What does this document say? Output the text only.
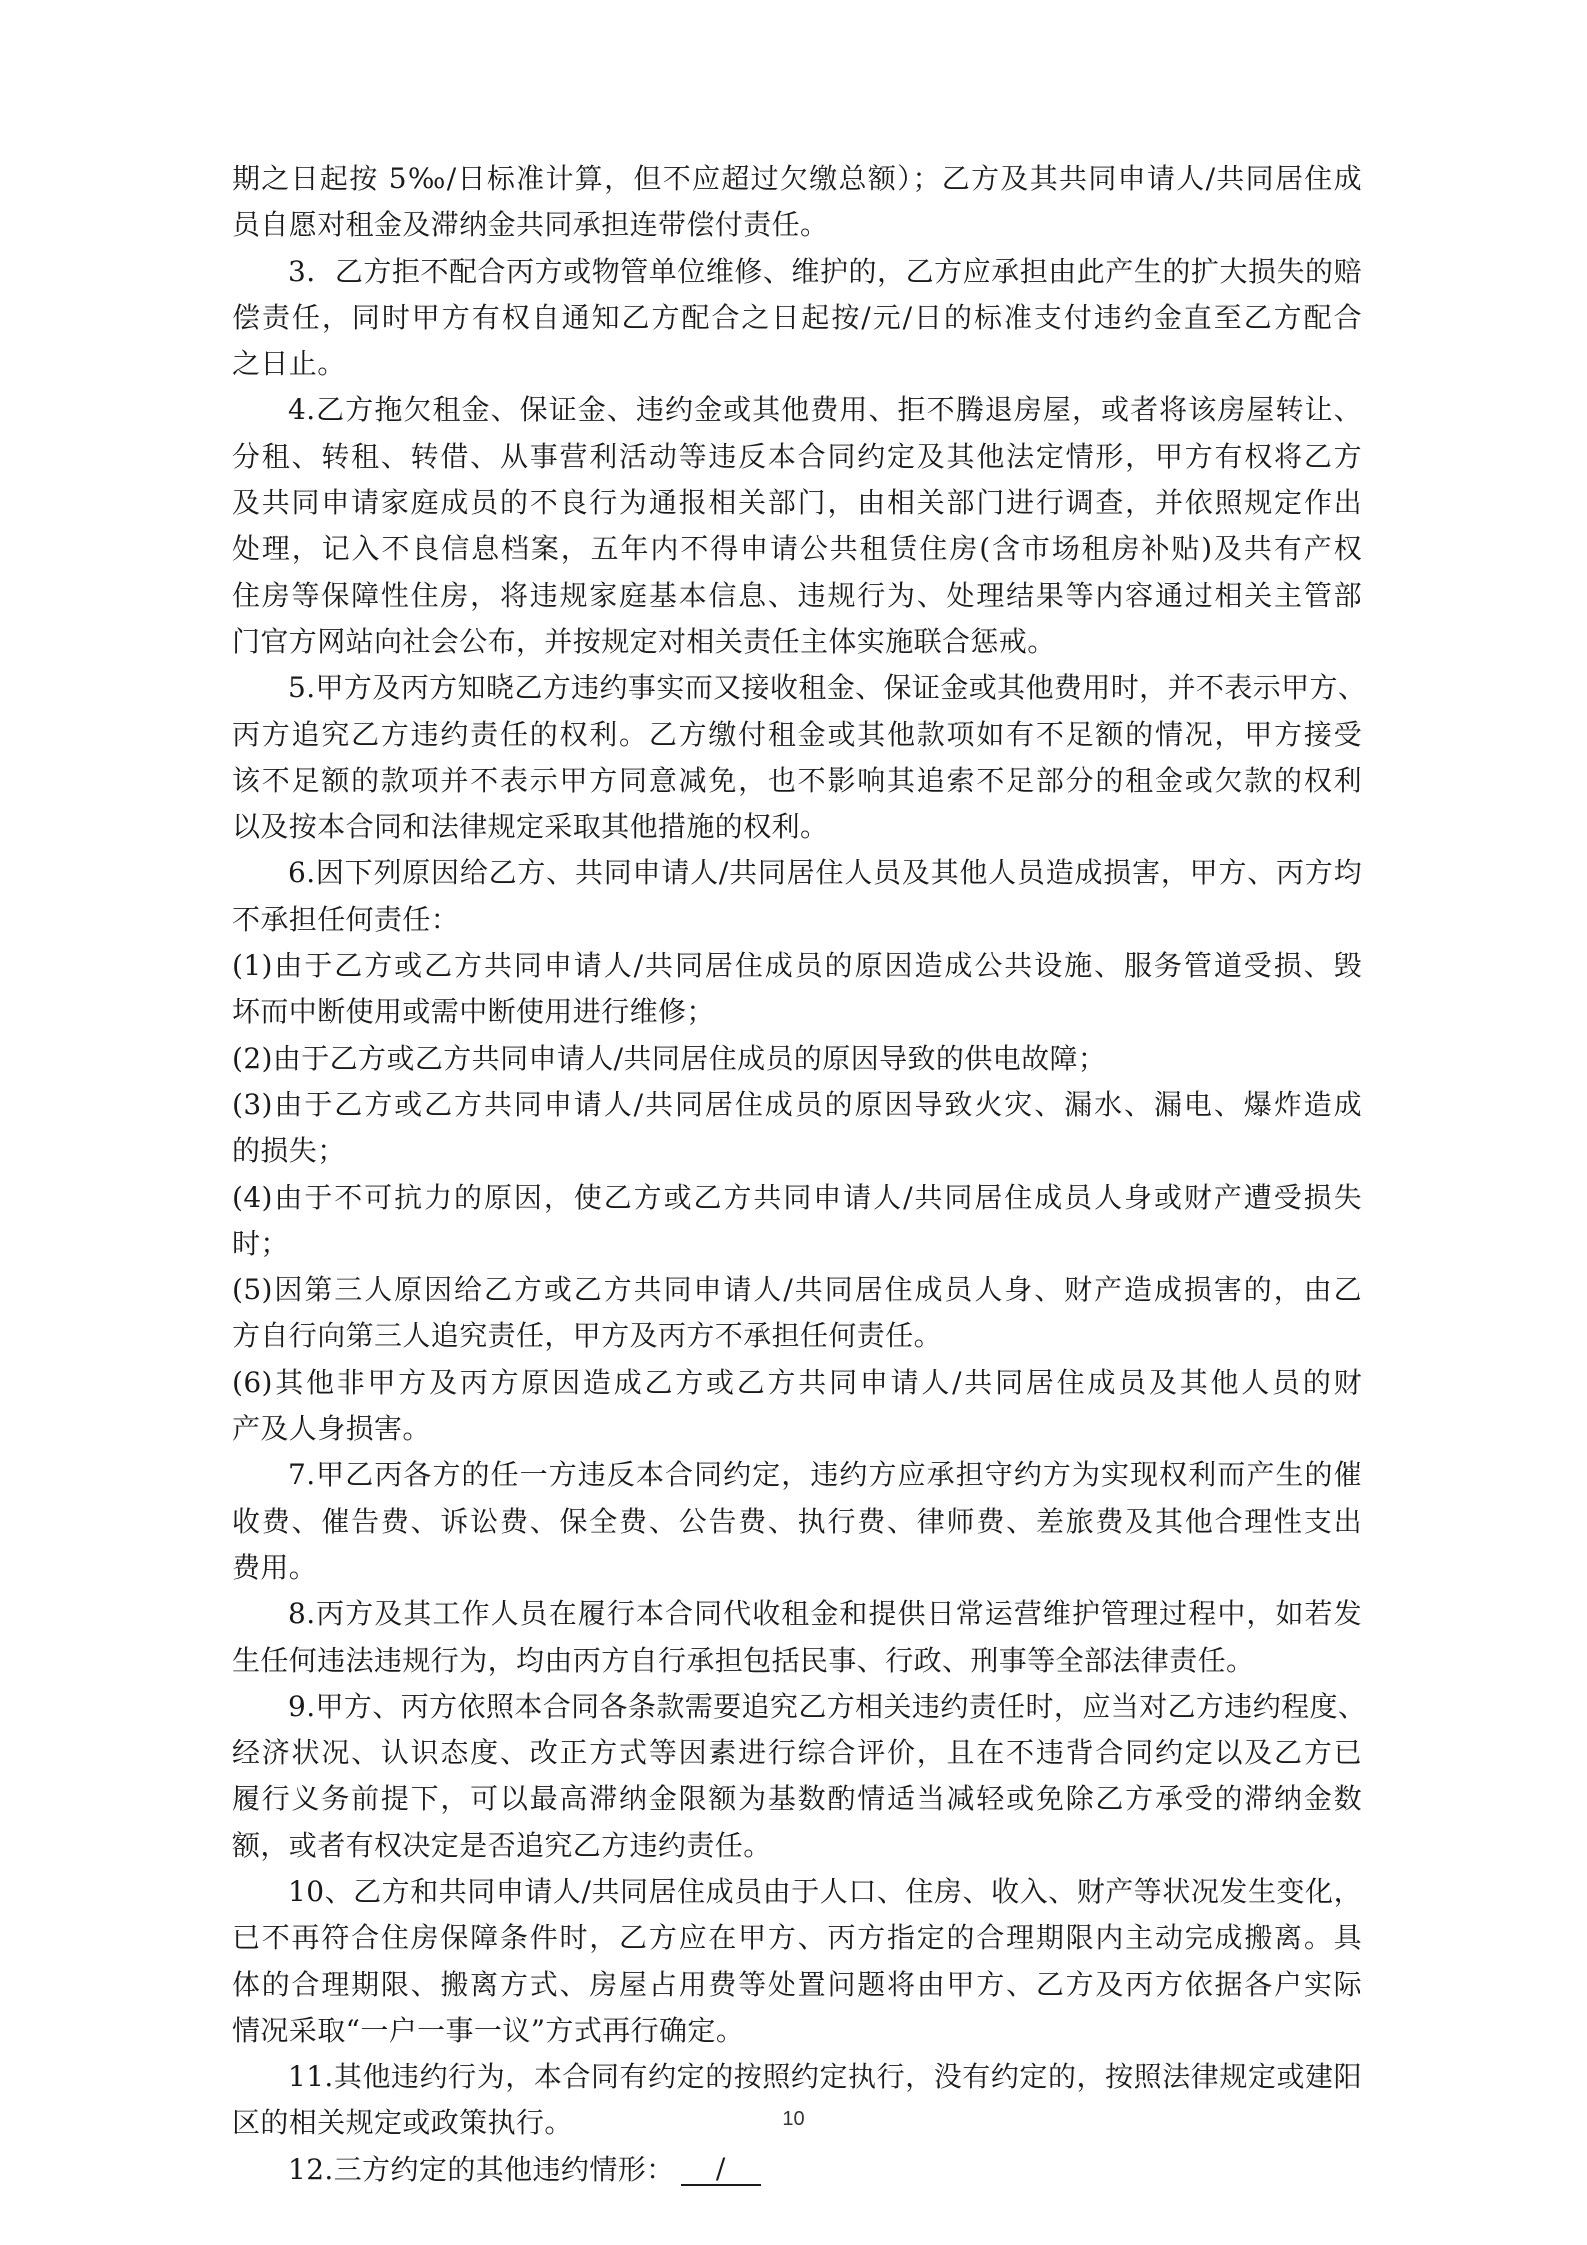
期之日起按 5‰/日标准计算，但不应超过欠缴总额）；乙方及其共同申请人/共同居住成
员自愿对租金及滞纳金共同承担连带偿付责任。
3．乙方拒不配合丙方或物管单位维修、维护的，乙方应承担由此产生的扩大损失的赔
偿责任，同时甲方有权自通知乙方配合之日起按/元/日的标准支付违约金直至乙方配合
之日止。
4.乙方拖欠租金、保证金、违约金或其他费用、拒不腾退房屋，或者将该房屋转让、
分租、转租、转借、从事营利活动等违反本合同约定及其他法定情形，甲方有权将乙方
及共同申请家庭成员的不良行为通报相关部门，由相关部门进行调查，并依照规定作出
处理，记入不良信息档案，五年内不得申请公共租赁住房(含市场租房补贴)及共有产权
住房等保障性住房，将违规家庭基本信息、违规行为、处理结果等内容通过相关主管部
门官方网站向社会公布，并按规定对相关责任主体实施联合惩戒。
5.甲方及丙方知晓乙方违约事实而又接收租金、保证金或其他费用时，并不表示甲方、
丙方追究乙方违约责任的权利。乙方缴付租金或其他款项如有不足额的情况，甲方接受
该不足额的款项并不表示甲方同意减免，也不影响其追索不足部分的租金或欠款的权利
以及按本合同和法律规定采取其他措施的权利。
6.因下列原因给乙方、共同申请人/共同居住人员及其他人员造成损害，甲方、丙方均
不承担任何责任：
(1)由于乙方或乙方共同申请人/共同居住成员的原因造成公共设施、服务管道受损、毁
坏而中断使用或需中断使用进行维修；
(2)由于乙方或乙方共同申请人/共同居住成员的原因导致的供电故障；
(3)由于乙方或乙方共同申请人/共同居住成员的原因导致火灾、漏水、漏电、爆炸造成
的损失；
(4)由于不可抗力的原因，使乙方或乙方共同申请人/共同居住成员人身或财产遭受损失
时；
(5)因第三人原因给乙方或乙方共同申请人/共同居住成员人身、财产造成损害的，由乙
方自行向第三人追究责任，甲方及丙方不承担任何责任。
(6)其他非甲方及丙方原因造成乙方或乙方共同申请人/共同居住成员及其他人员的财
产及人身损害。
7.甲乙丙各方的任一方违反本合同约定，违约方应承担守约方为实现权利而产生的催
收费、催告费、诉讼费、保全费、公告费、执行费、律师费、差旅费及其他合理性支出
费用。
8.丙方及其工作人员在履行本合同代收租金和提供日常运营维护管理过程中，如若发
生任何违法违规行为，均由丙方自行承担包括民事、行政、刑事等全部法律责任。
9.甲方、丙方依照本合同各条款需要追究乙方相关违约责任时，应当对乙方违约程度、
经济状况、认识态度、改正方式等因素进行综合评价，且在不违背合同约定以及乙方已
履行义务前提下，可以最高滞纳金限额为基数酌情适当减轻或免除乙方承受的滞纳金数
额，或者有权决定是否追究乙方违约责任。
10、乙方和共同申请人/共同居住成员由于人口、住房、收入、财产等状况发生变化，
已不再符合住房保障条件时，乙方应在甲方、丙方指定的合理期限内主动完成搬离。具
体的合理期限、搬离方式、房屋占用费等处置问题将由甲方、乙方及丙方依据各户实际
情况采取“一户一事一议”方式再行确定。
11.其他违约行为，本合同有约定的按照约定执行，没有约定的，按照法律规定或建阳
区的相关规定或政策执行。
12.三方约定的其他违约情形：	/
10
